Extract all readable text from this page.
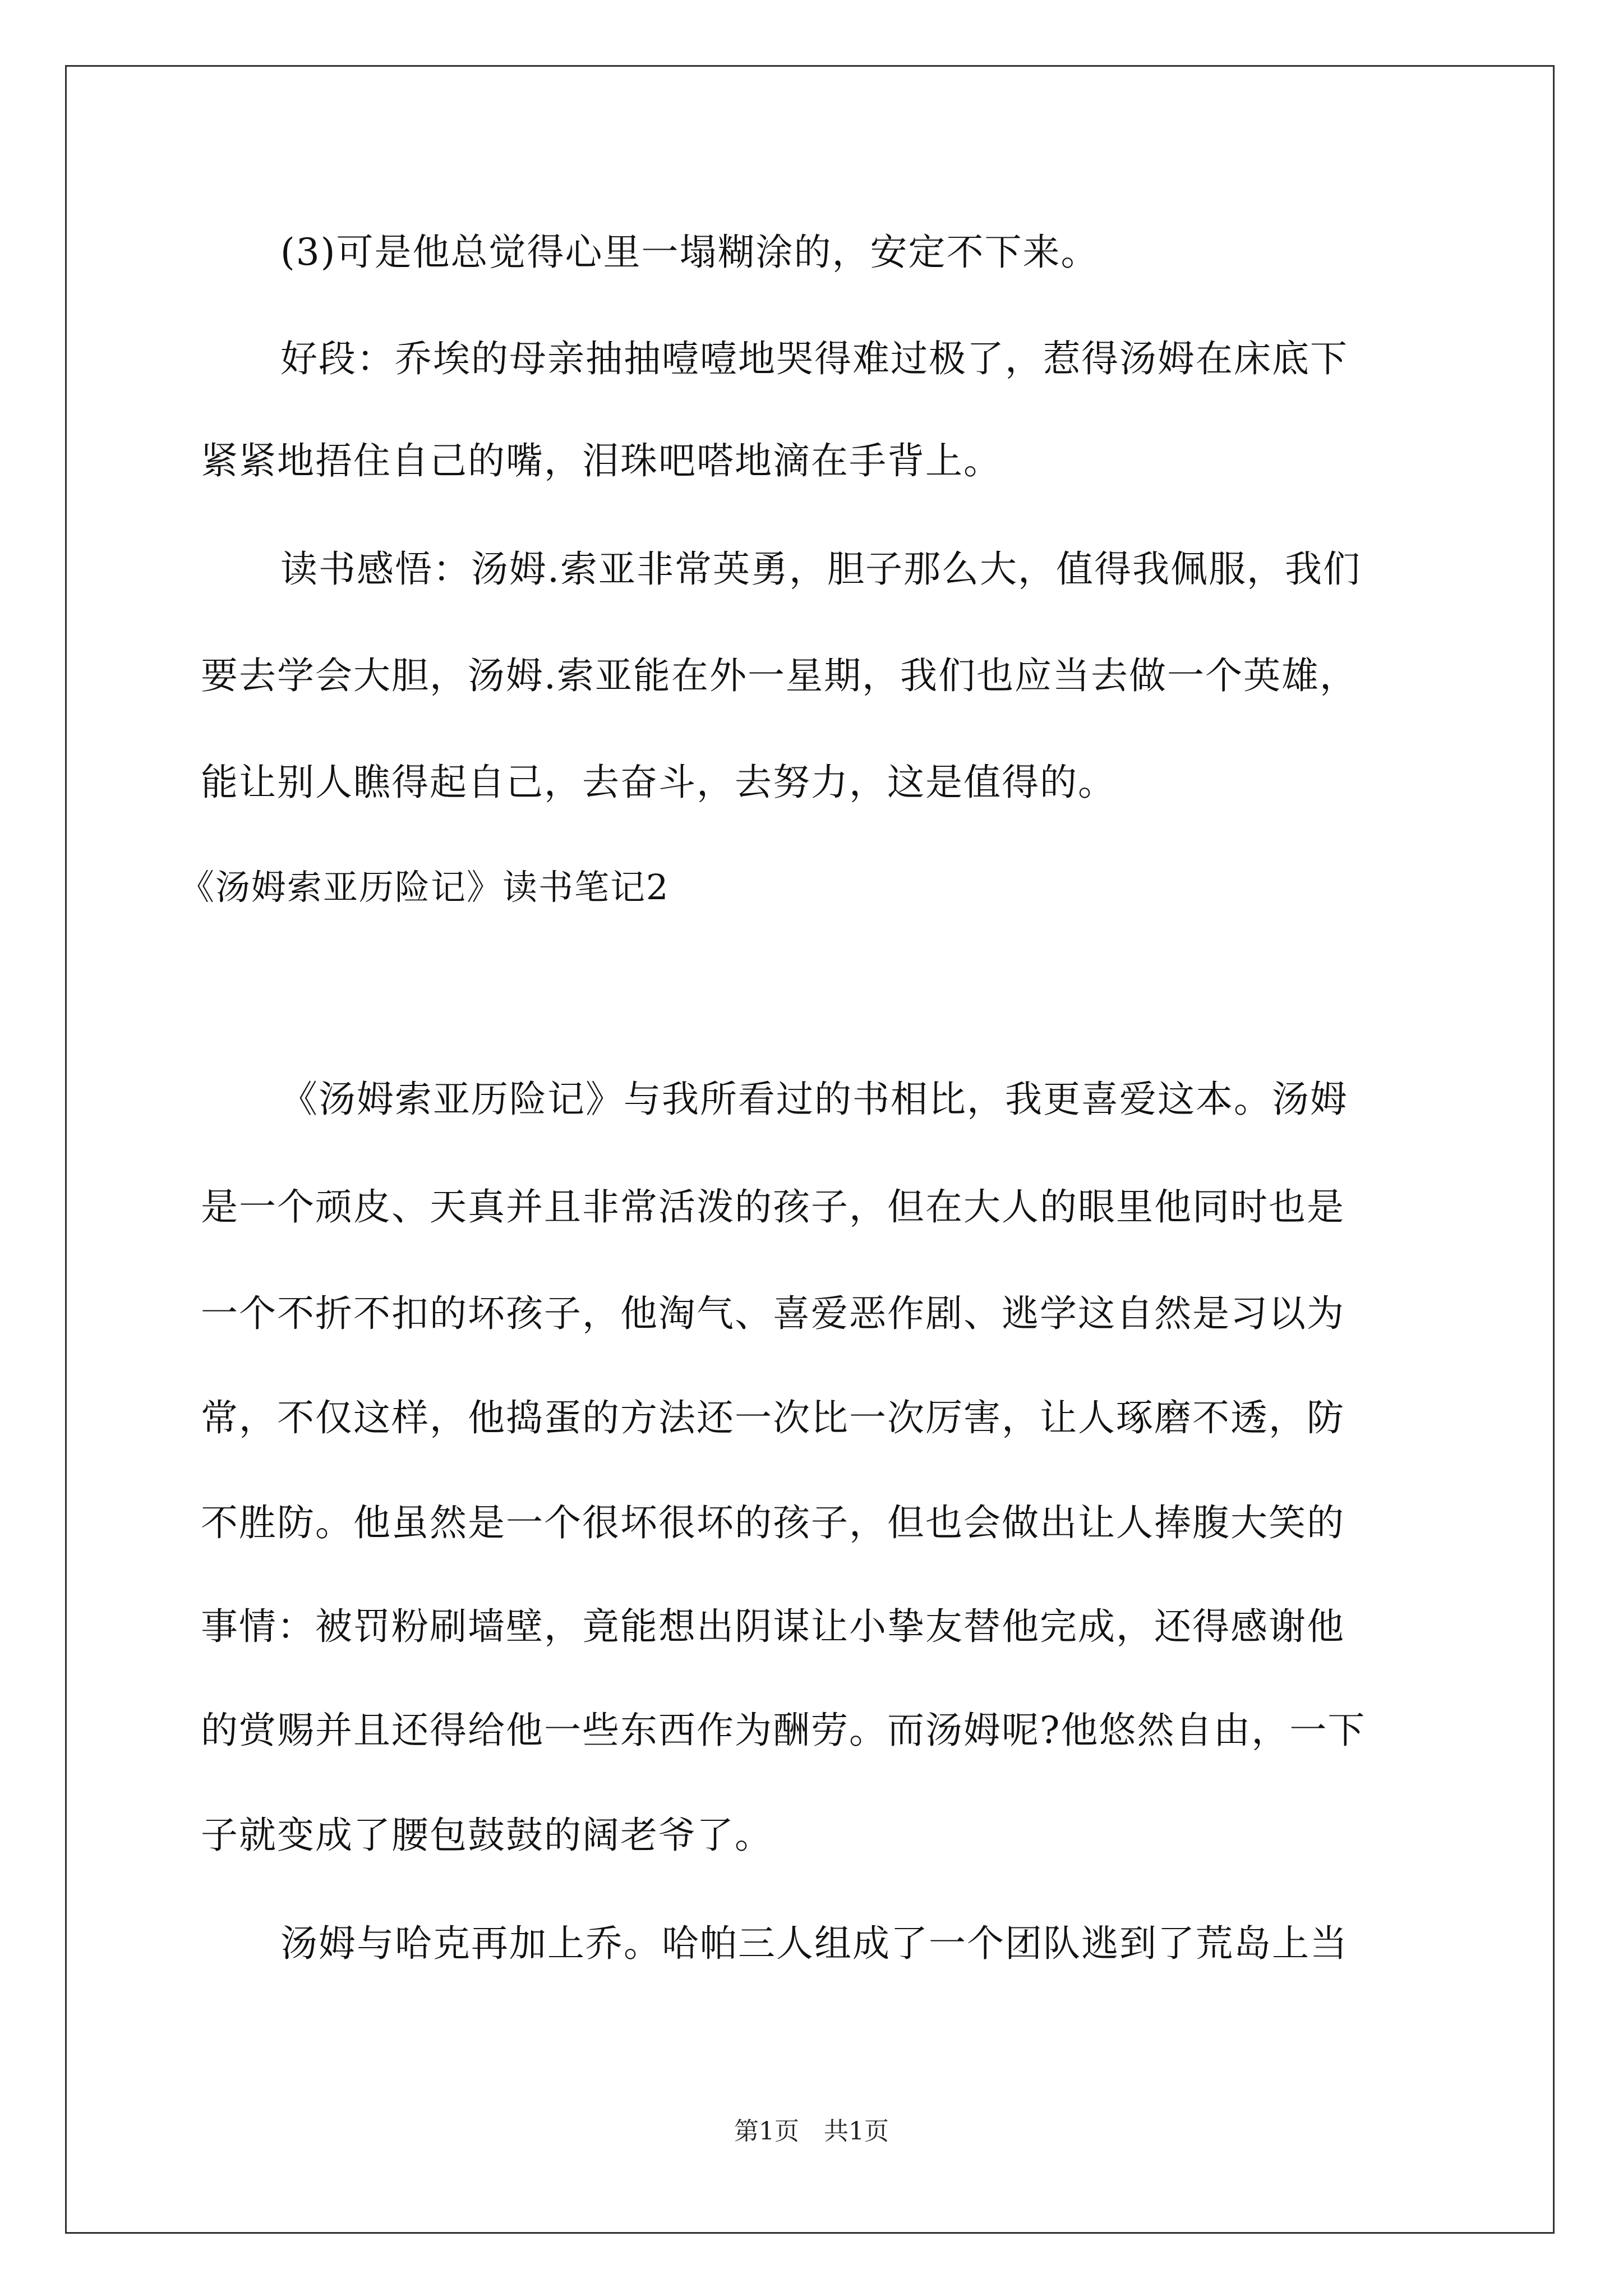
(3)可是他总觉得心里一塌糊涂的，安定不下来。
好段：乔埃的母亲抽抽噎噎地哭得难过极了，惹得汤姆在床底下
紧紧地捂住自己的嘴，泪珠吧嗒地滴在手背上。
读书感悟：汤姆.索亚非常英勇，胆子那么大，值得我佩服，我们
要去学会大胆，汤姆.索亚能在外一星期，我们也应当去做一个英雄，
能让别人瞧得起自己，去奋斗，去努力，这是值得的。
《汤姆索亚历险记》读书笔记2
《汤姆索亚历险记》与我所看过的书相比，我更喜爱这本。汤姆
是一个顽皮、天真并且非常活泼的孩子，但在大人的眼里他同时也是
一个不折不扣的坏孩子，他淘气、喜爱恶作剧、逃学这自然是习以为
常，不仅这样，他捣蛋的方法还一次比一次厉害，让人琢磨不透，防
不胜防。他虽然是一个很坏很坏的孩子，但也会做出让人捧腹大笑的
事情：被罚粉刷墙壁，竟能想出阴谋让小挚友替他完成，还得感谢他
的赏赐并且还得给他一些东西作为酬劳。而汤姆呢?他悠然自由，一下
子就变成了腰包鼓鼓的阔老爷了。
汤姆与哈克再加上乔。哈帕三人组成了一个团队逃到了荒岛上当
第1页　共1页
